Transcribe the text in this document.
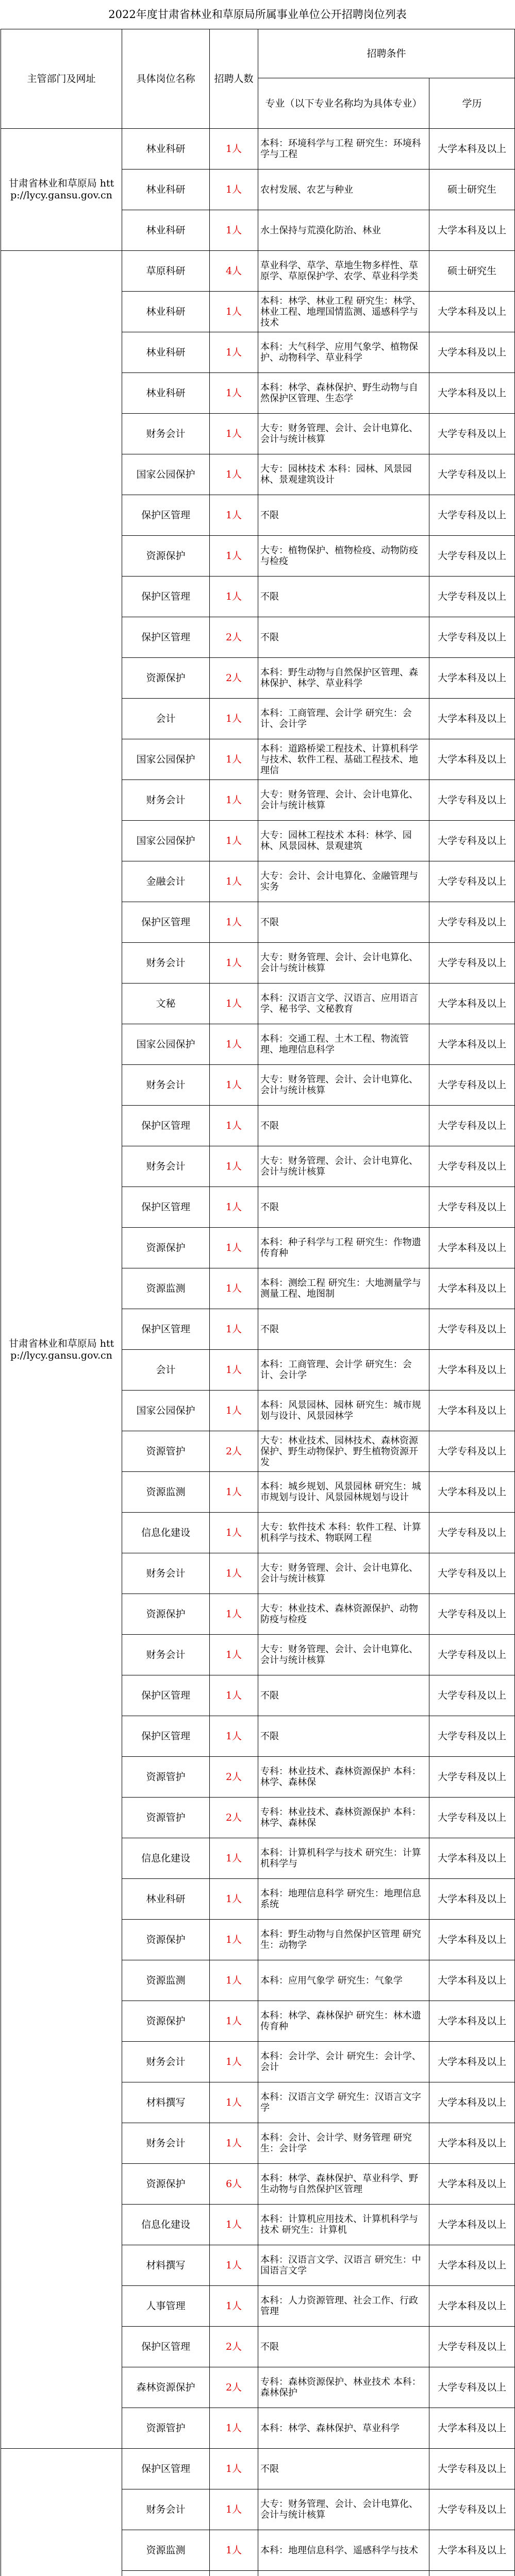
2022年度甘肃省林业和草原局所属事业单位公开招聘岗位列表
主管部门及网址	具体岗位名称	招聘人数	招聘条件	
			专业（以下专业名称均为具体专业）	学历
甘肃省林业和草原局 http://lycy.gansu.gov.cn	林业科研	1人	本科：环境科学与工程 研究生：环境科学与工程	大学本科及以上
	林业科研	1人	农村发展、农艺与种业	硕士研究生
	林业科研	1人	水土保持与荒漠化防治、林业	大学本科及以上
甘肃省林业和草原局 http://lycy.gansu.gov.cn	草原科研	4人	草业科学、草学、草地生物多样性、草原学、草原保护学、农学、草业科学类	硕士研究生
	林业科研	1人	本科：林学、林业工程 研究生：林学、林业工程、地理国情监测、遥感科学与技术	大学本科及以上
	林业科研	1人	本科：大气科学、应用气象学、植物保护、动物科学、草业科学	大学本科及以上
	林业科研	1人	本科：林学、森林保护、野生动物与自然保护区管理、生态学	大学本科及以上
	财务会计	1人	大专：财务管理、会计、会计电算化、会计与统计核算	大学专科及以上
	国家公园保护	1人	大专：园林技术 本科：园林、风景园林、景观建筑设计	大学专科及以上
	保护区管理	1人	不限	大学专科及以上
	资源保护	1人	大专：植物保护、植物检疫、动物防疫与检疫	大学专科及以上
	保护区管理	1人	不限	大学专科及以上
	保护区管理	2人	不限	大学专科及以上
	资源保护	2人	本科：野生动物与自然保护区管理、森林保护、林学、草业科学	大学本科及以上
	会计	1人	本科：工商管理、会计学 研究生：会计、会计学	大学本科及以上
	国家公园保护	1人	本科：道路桥梁工程技术、计算机科学与技术、软件工程、基础工程技术、地理信	大学本科及以上
	财务会计	1人	大专：财务管理、会计、会计电算化、会计与统计核算	大学专科及以上
	国家公园保护	1人	大专：园林工程技术 本科：林学、园林、风景园林、景观建筑	大学专科及以上
	金融会计	1人	大专：会计、会计电算化、金融管理与实务	大学专科及以上
	保护区管理	1人	不限	大学专科及以上
	财务会计	1人	大专：财务管理、会计、会计电算化、会计与统计核算	大学专科及以上
	文秘	1人	本科：汉语言文学、汉语言、应用语言学、秘书学、文秘教育	大学本科及以上
	国家公园保护	1人	本科：交通工程、土木工程、物流管理、地理信息科学	大学本科及以上
	财务会计	1人	大专：财务管理、会计、会计电算化、会计与统计核算	大学专科及以上
	保护区管理	1人	不限	大学专科及以上
	财务会计	1人	大专：财务管理、会计、会计电算化、会计与统计核算	大学专科及以上
	保护区管理	1人	不限	大学专科及以上
	资源保护	1人	本科：种子科学与工程 研究生：作物遗传育种	大学本科及以上
	资源监测	1人	本科：测绘工程 研究生：大地测量学与测量工程、地图制	大学本科及以上
	保护区管理	1人	不限	大学专科及以上
	会计	1人	本科：工商管理、会计学 研究生：会计、会计学	大学本科及以上
	国家公园保护	1人	本科：风景园林、园林 研究生：城市规划与设计、风景园林学	大学本科及以上
	资源管护	2人	大专：林业技术、园林技术、森林资源保护、野生动物保护、野生植物资源开发	大学专科及以上
	资源监测	1人	本科：城乡规划、风景园林 研究生：城市规划与设计、风景园林规划与设计	大学本科及以上
	信息化建设	1人	大专：软件技术 本科：软件工程、计算机科学与技术、物联网工程	大学专科及以上
	财务会计	1人	大专：财务管理、会计、会计电算化、会计与统计核算	大学专科及以上
	资源保护	1人	大专：林业技术、森林资源保护、动物防疫与检疫	大学专科及以上
	财务会计	1人	大专：财务管理、会计、会计电算化、会计与统计核算	大学专科及以上
	保护区管理	1人	不限	大学专科及以上
	保护区管理	1人	不限	大学专科及以上
	资源管护	2人	专科：林业技术、森林资源保护 本科：林学、森林保	大学专科及以上
	资源管护	2人	专科：林业技术、森林资源保护 本科：林学、森林保	大学专科及以上
	信息化建设	1人	本科：计算机科学与技术 研究生：计算机科学与	大学本科及以上
	林业科研	1人	本科：地理信息科学 研究生：地理信息系统	大学本科及以上
	资源保护	1人	本科：野生动物与自然保护区管理 研究生：动物学	大学本科及以上
	资源监测	1人	本科：应用气象学 研究生：气象学	大学本科及以上
	资源保护	1人	本科：林学、森林保护 研究生：林木遗传育种	大学本科及以上
	财务会计	1人	本科：会计学、会计 研究生：会计学、会计	大学本科及以上
	材料撰写	1人	本科：汉语言文学 研究生：汉语言文字学	大学本科及以上
	财务会计	1人	本科：会计、会计学、财务管理 研究生：会计学	大学本科及以上
	资源保护	6人	本科：林学、森林保护、草业科学、野生动物与自然保护区管理	大学本科及以上
	信息化建设	1人	本科：计算机应用技术、计算机科学与技术 研究生：计算机	大学本科及以上
	材料撰写	1人	本科：汉语言文学、汉语言 研究生：中国语言文学	大学本科及以上
	人事管理	1人	本科：人力资源管理、社会工作、行政管理	大学本科及以上
	保护区管理	2人	不限	大学专科及以上
	森林资源保护	2人	专科：森林资源保护、林业技术 本科：森林保护	大学专科及以上
	资源管护	1人	本科：林学、森林保护、草业科学	大学本科及以上
	保护区管理	1人	不限	大学专科及以上
	财务会计	1人	大专：财务管理、会计、会计电算化、会计与统计核算	大学专科及以上
	资源监测	1人	本科：地理信息科学、遥感科学与技术	大学本科及以上
